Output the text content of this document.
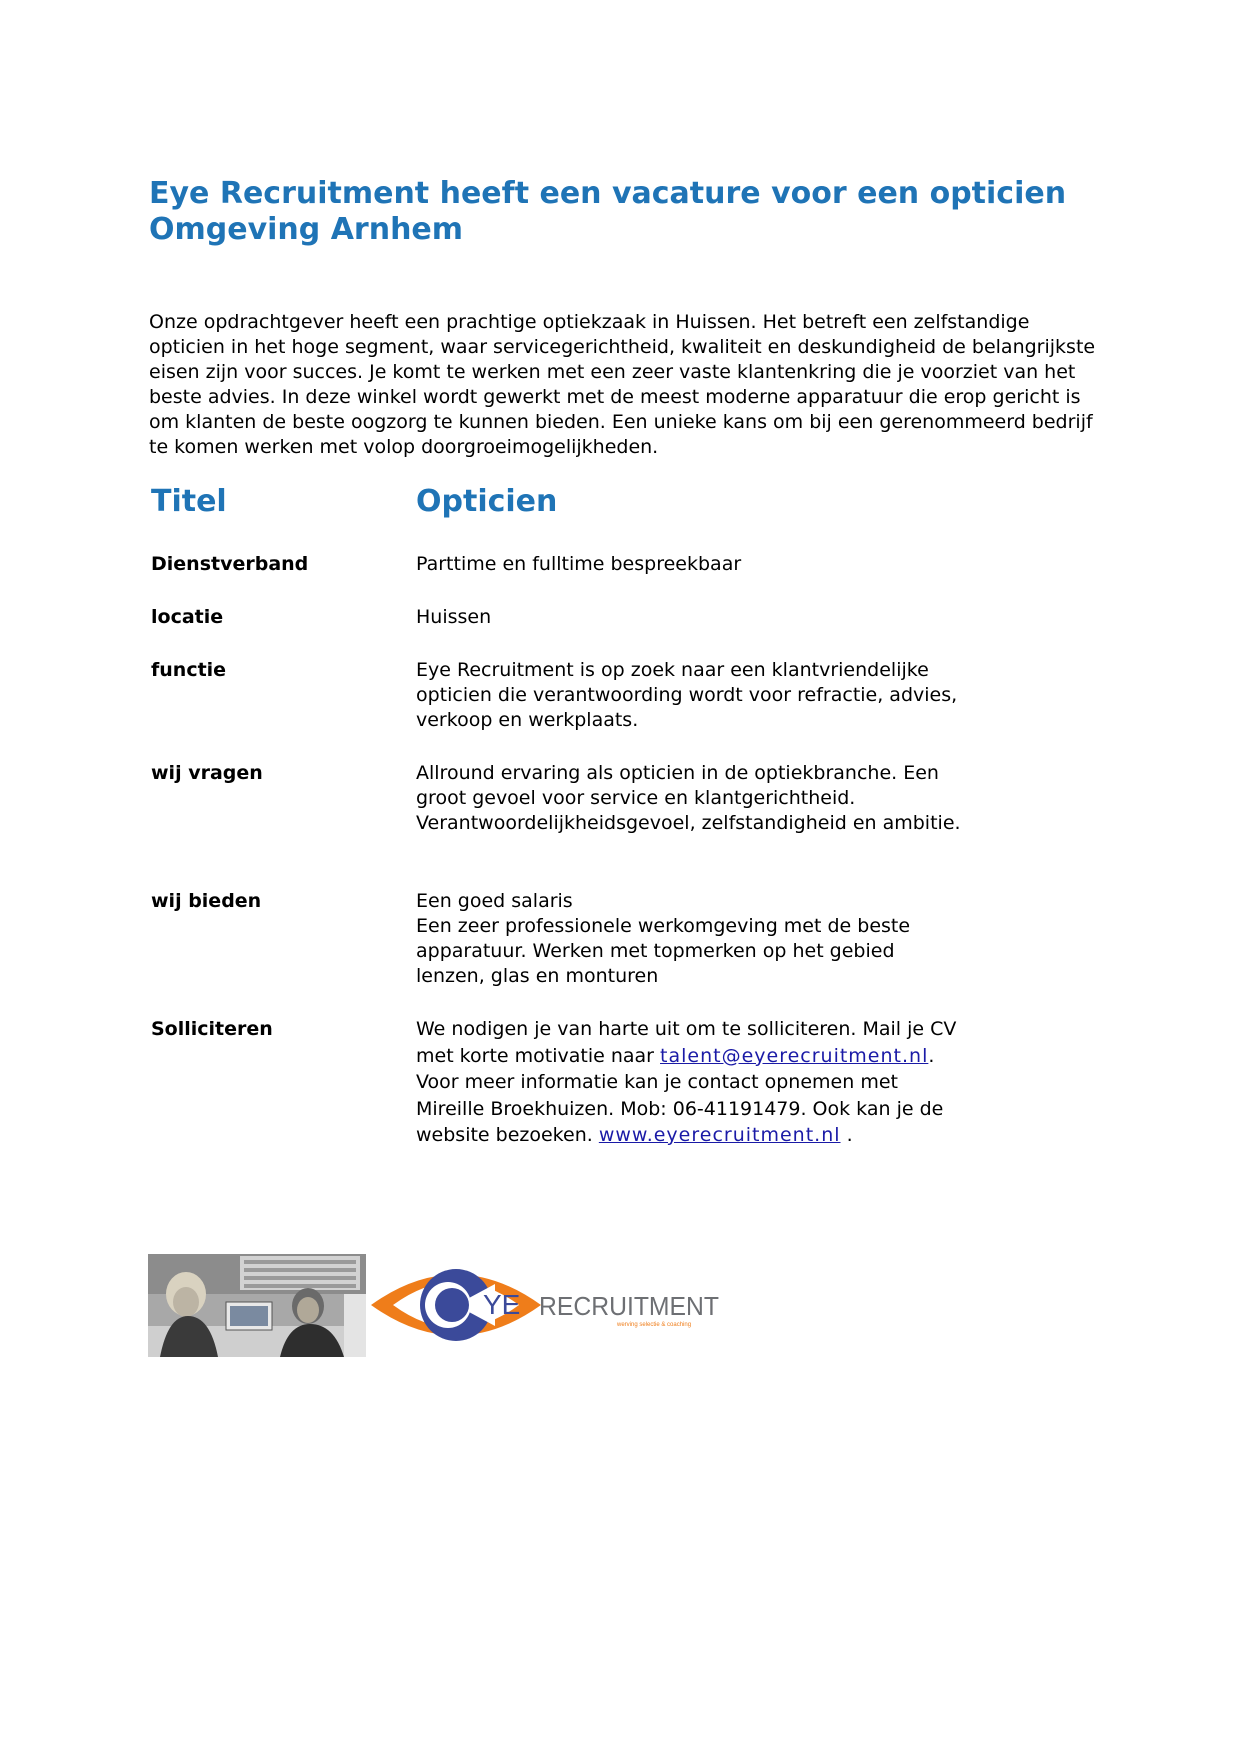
Eye Recruitment heeft een vacature voor een opticien
Omgeving Arnhem

Onze opdrachtgever heeft een prachtige optiekzaak in Huissen. Het betreft een zelfstandige
opticien in het hoge segment, waar servicegerichtheid, kwaliteit en deskundigheid de belangrijkste
eisen zijn voor succes. Je komt te werken met een zeer vaste klantenkring die je voorziet van het
beste advies. In deze winkel wordt gewerkt met de meest moderne apparatuur die erop gericht is
om klanten de beste oogzorg te kunnen bieden. Een unieke kans om bij een gerenommeerd bedrijf
te komen werken met volop doorgroeimogelijkheden.

Titel	Opticien
Dienstverband	Parttime en fulltime bespreekbaar
locatie	Huissen
functie	Eye Recruitment is op zoek naar een klantvriendelijke
opticien die verantwoording wordt voor refractie, advies,
verkoop en werkplaats.
wij vragen	Allround ervaring als opticien in de optiekbranche. Een
groot gevoel voor service en klantgerichtheid.
Verantwoordelijkheidsgevoel, zelfstandigheid en ambitie.
wij bieden	Een goed salaris
Een zeer professionele werkomgeving met de beste
apparatuur. Werken met topmerken op het gebied
lenzen, glas en monturen
Solliciteren	We nodigen je van harte uit om te solliciteren. Mail je CV
met korte motivatie naar talent@eyerecruitment.nl.
Voor meer informatie kan je contact opnemen met
Mireille Broekhuizen. Mob: 06-41191479. Ook kan je de
website bezoeken. www.eyerecruitment.nl .
YE RECRUITMENT
werving selectie & coaching
